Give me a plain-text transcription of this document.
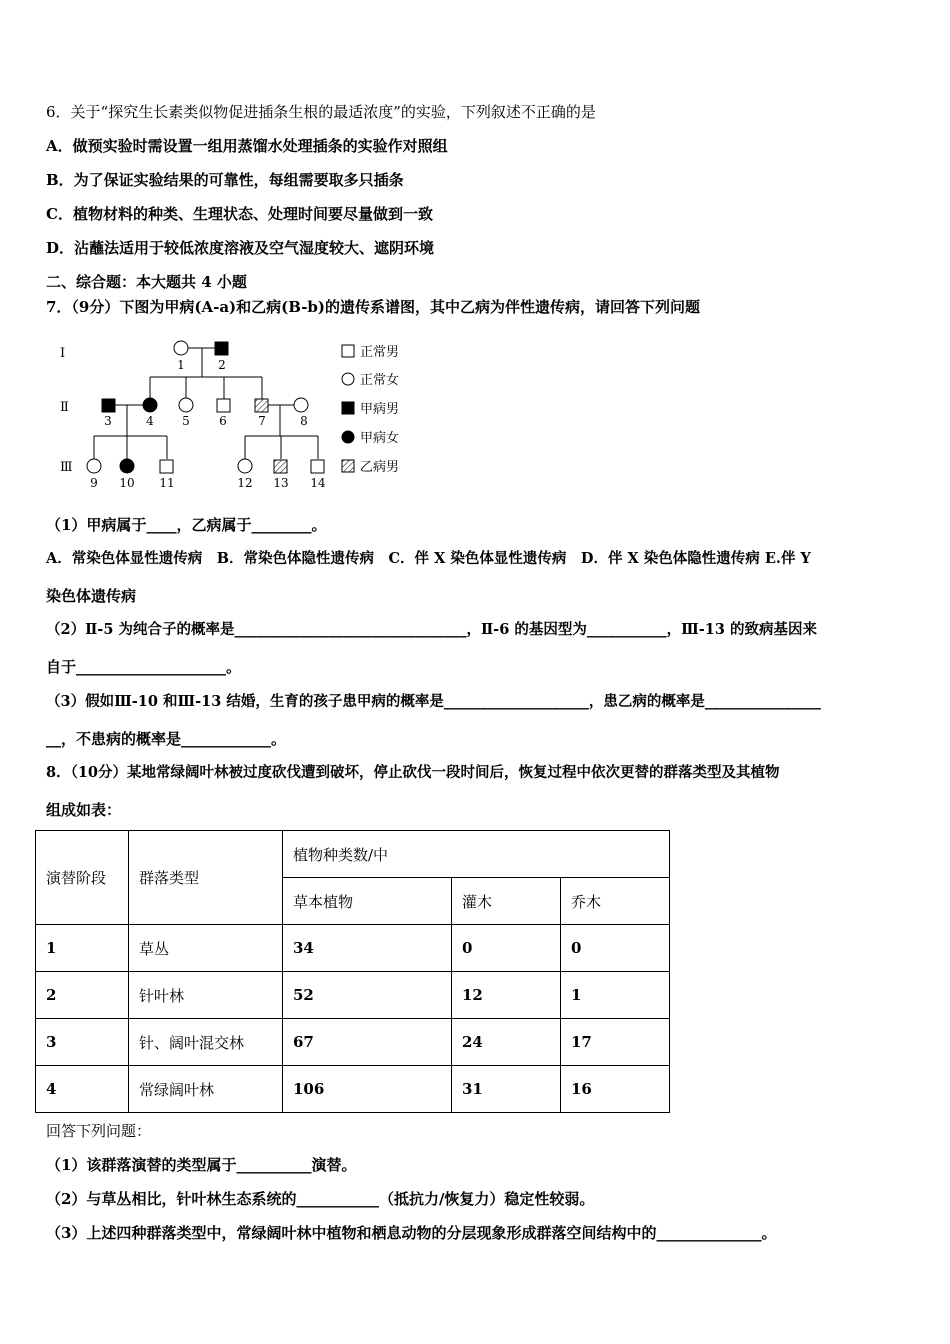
6．关于“探究生长素类似物促进插条生根的最适浓度”的实验，下列叙述不正确的是
A．做预实验时需设置一组用蒸馏水处理插条的实验作对照组
B．为了保证实验结果的可靠性，每组需要取多只插条
C．植物材料的种类、生理状态、处理时间要尽量做到一致
D．沾蘸法适用于较低浓度溶液及空气湿度较大、遮阴环境
二、综合题：本大题共 4 小题
7．（9分）下图为甲病(A-a)和乙病(B-b)的遗传系谱图，其中乙病为伴性遗传病，请回答下列问题
Ⅰ
Ⅱ
Ⅲ
1	2
3	4 5 6	7	8
9 10 11	12 13 14
正常男
正常女
甲病男
甲病女
乙病男
（1）甲病属于____，乙病属于________。
A．常染色体显性遗传病　B．常染色体隐性遗传病　C．伴 X 染色体显性遗传病　D．伴 X 染色体隐性遗传病 E.伴 Y
染色体遗传病
（2）Ⅱ-5 为纯合子的概率是________________________________，Ⅱ-6 的基因型为___________，Ⅲ-13 的致病基因来
自于____________________。
（3）假如Ⅲ-10 和Ⅲ-13 结婚，生育的孩子患甲病的概率是____________________，患乙病的概率是________________
__，不患病的概率是____________。
8．（10分）某地常绿阔叶林被过度砍伐遭到破坏，停止砍伐一段时间后，恢复过程中依次更替的群落类型及其植物
组成如表：
演替阶段	群落类型	植物种类数/中		
		草本植物	灌木	乔木
1	草丛	34	0	0
2	针叶林	52	12	1
3	针、阔叶混交林	67	24	17
4	常绿阔叶林	106	31	16
回答下列问题：
（1）该群落演替的类型属于__________演替。
（2）与草丛相比，针叶林生态系统的___________（抵抗力/恢复力）稳定性较弱。
（3）上述四种群落类型中，常绿阔叶林中植物和栖息动物的分层现象形成群落空间结构中的______________。
